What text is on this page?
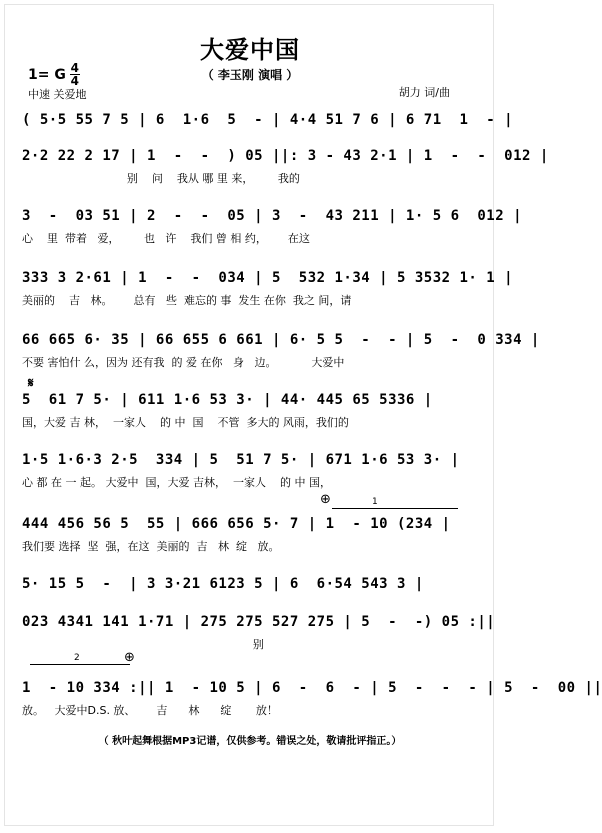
大爱中国
（ 李玉刚 演唱 ）
1= G 4
4
中速 关爱地	胡力 词/曲
( 5·5 55 7 5 | 6  1·6  5  - | 4·4 51 7 6 | 6 71  1  - |
2·2 22 2 17 | 1  -  -  ) 05 ||: 3 - 43 2·1 | 1  -  -  012 |
别    问    我从 哪 里 来，       我的
3  -  03 51 | 2  -  -  05 | 3  -  43 211 | 1· 5 6  012 |
心    里  带着   爱，       也   许    我们 曾 相 约，      在这
333 3 2·61 | 1  -  -  034 | 5  532 1·34 | 5 3532 1· 1 |
美丽的    吉   林。      总有   些  难忘的 事  发生 在你  我之 间，请
66 665 6· 35 | 66 655 6 661 | 6· 5 5  -  - | 5  -  0 334 |
不要 害怕什 么，因为 还有我  的 爱 在你   身   边。          大爱中
𝄋
5  61 7 5· | 611 1·6 53 3· | 44· 445 65 5336 |
国，大爱 吉 林，  一家人    的 中  国    不管  多大的 风雨，我们的
1·5 1·6·3 2·5  334 | 5  51 7 5· | 671 1·6 53 3· |
心 都 在 一 起。 大爱中  国，大爱 吉林，  一家人    的 中 国，
⊕	1
444 456 56 5  55 | 666 656 5· 7 | 1  - 10 (234 |
我们要 选择  坚  强，在这  美丽的  吉   林  绽   放。
5· 15 5  -  | 3 3·21 6123 5 | 6  6·54 543 3 |
023 4341 141 1·71 | 275 275 527 275 | 5  -  -) 05 :||
别
2	⊕
1  - 10 334 :|| 1  - 10 5 | 6  -  6  - | 5  -  -  - | 5  -  00 ||
放。   大爱中D.S. 放、      吉      林      绽       放！
（ 秋叶起舞根据MP3记谱，仅供参考。错误之处，敬请批评指正。）
